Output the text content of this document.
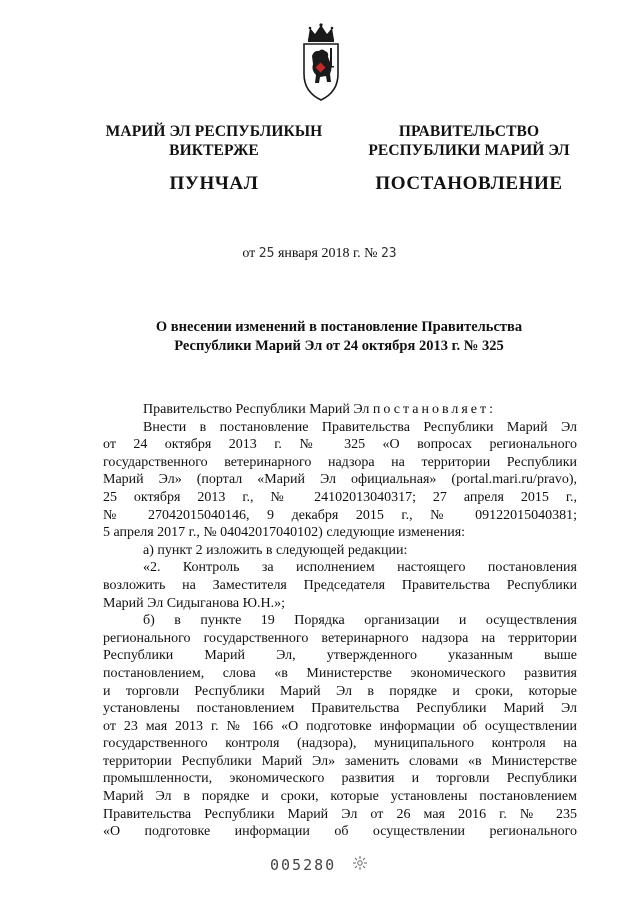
МАРИЙ ЭЛ РЕСПУБЛИКЫН
ВИКТЕРЖЕ
ПУНЧАЛ
ПРАВИТЕЛЬСТВО
РЕСПУБЛИКИ МАРИЙ ЭЛ
ПОСТАНОВЛЕНИЕ
от 25 января 2018 г. № 23
О внесении изменений в постановление Правительства
Республики Марий Эл от 24 октября 2013 г. № 325
Правительство Республики Марий Эл постановляет:
Внести в постановление Правительства Республики Марий Эл
от 24 октября 2013 г. № 325 «О вопросах регионального
государственного ветеринарного надзора на территории Республики
Марий Эл» (портал «Марий Эл официальная» (portal.mari.ru/pravo),
25 октября 2013 г., № 24102013040317; 27 апреля 2015 г.,
№ 27042015040146, 9 декабря 2015 г., № 09122015040381;
5 апреля 2017 г., № 04042017040102) следующие изменения:
а) пункт 2 изложить в следующей редакции:
«2. Контроль за исполнением настоящего постановления
возложить на Заместителя Председателя Правительства Республики
Марий Эл Сидыганова Ю.Н.»;
б) в пункте 19 Порядка организации и осуществления
регионального государственного ветеринарного надзора на территории
Республики Марий Эл, утвержденного указанным выше
постановлением, слова «в Министерстве экономического развития
и торговли Республики Марий Эл в порядке и сроки, которые
установлены постановлением Правительства Республики Марий Эл
от 23 мая 2013 г. № 166 «О подготовке информации об осуществлении
государственного контроля (надзора), муниципального контроля на
территории Республики Марий Эл» заменить словами «в Министерстве
промышленности, экономического развития и торговли Республики
Марий Эл в порядке и сроки, которые установлены постановлением
Правительства Республики Марий Эл от 26 мая 2016 г. № 235
«О подготовке информации об осуществлении регионального
005280
